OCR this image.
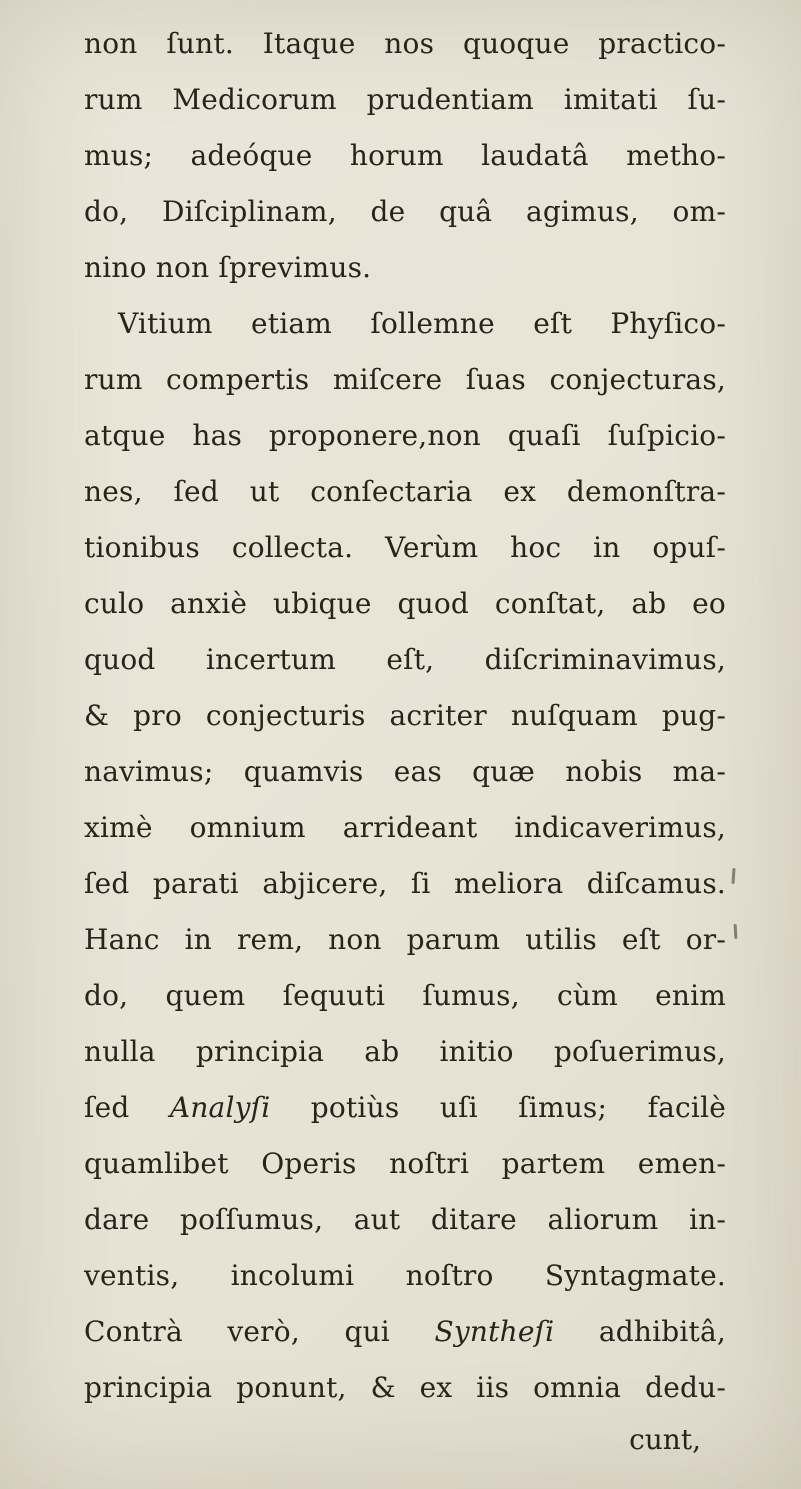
non ſunt. Itaque nos quoque practico-
rum Medicorum prudentiam imitati ſu-
mus; adeóque horum laudatâ metho-
do, Diſciplinam, de quâ agimus, om-
nino non ſprevimus.
Vitium etiam ſollemne eſt Phyſico-
rum compertis miſcere ſuas conjecturas,
atque has proponere,non quaſi ſuſpicio-
nes, ſed ut conſectaria ex demonſtra-
tionibus collecta. Verùm hoc in opuſ-
culo anxiè ubique quod conſtat, ab eo
quod incertum eſt, diſcriminavimus,
& pro conjecturis acriter nuſquam pug-
navimus; quamvis eas quæ nobis ma-
ximè omnium arrideant indicaverimus,
ſed parati abjicere, ſi meliora diſcamus.
Hanc in rem, non parum utilis eſt or-
do, quem ſequuti ſumus, cùm enim
nulla principia ab initio poſuerimus,
ſed Analyſi potiùs uſi ſimus; facilè
quamlibet Operis noſtri partem emen-
dare poſſumus, aut ditare aliorum in-
ventis, incolumi noſtro Syntagmate.
Contrà verò, qui Syntheſi adhibitâ,
principia ponunt, & ex iis omnia dedu-
cunt,
